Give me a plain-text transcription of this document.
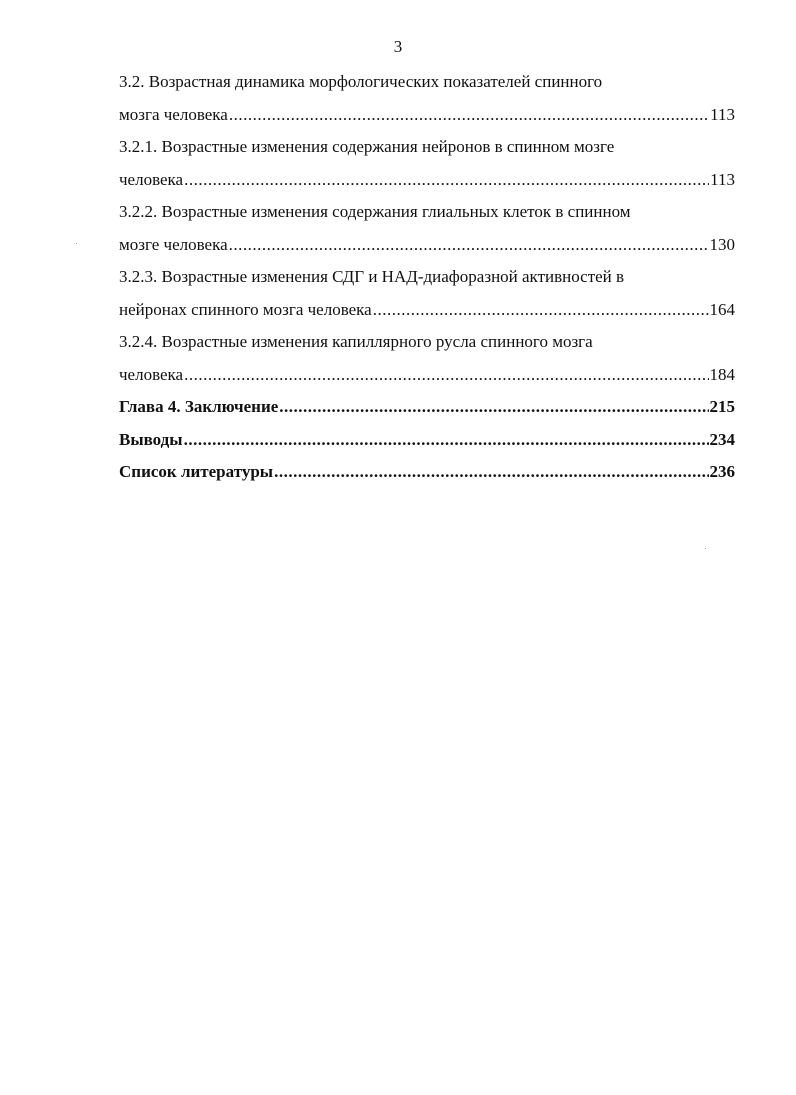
3
3.2. Возрастная динамика морфологических показателей спинного
мозга человека .....	113
3.2.1. Возрастные изменения содержания нейронов в спинном мозге
человека .....	113
3.2.2. Возрастные изменения содержания глиальных клеток в спинном
мозге человека .....	130
3.2.3. Возрастные изменения СДГ и НАД-диафоразной активностей в
нейронах спинного мозга человека .....	164
3.2.4. Возрастные изменения капиллярного русла спинного мозга
человека .....	184
Глава 4. Заключение .....	215
Выводы .....	234
Список литературы .....	236
